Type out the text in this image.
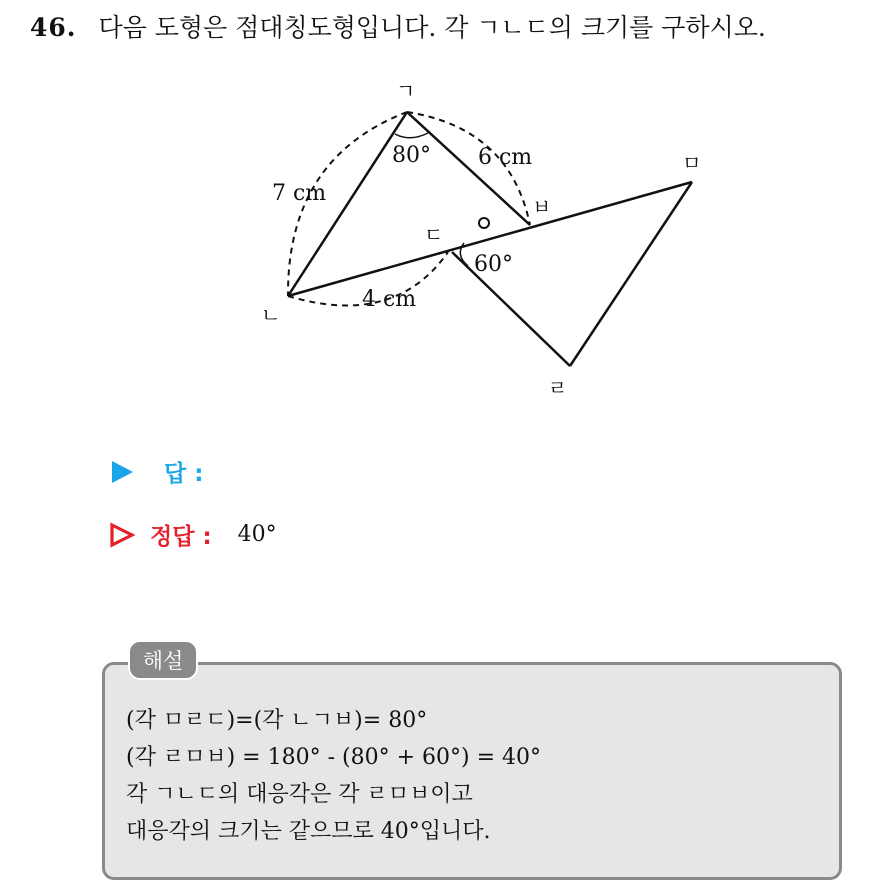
46. 다음 도형은 점대칭도형입니다. 각 ㄱㄴㄷ의 크기를 구하시오.
ㄱ
ㄴ
ㄷ
ㄹ
ㅁ
ㅂ
80°
60°
7 cm
6 cm
4 cm
답 :
정답 : 40°
해설
(각 ㅁㄹㄷ)=(각 ㄴㄱㅂ)= 80°
(각 ㄹㅁㅂ) = 180° - (80° + 60°) = 40°
각 ㄱㄴㄷ의 대응각은 각 ㄹㅁㅂ이고
대응각의 크기는 같으므로 40°입니다.
